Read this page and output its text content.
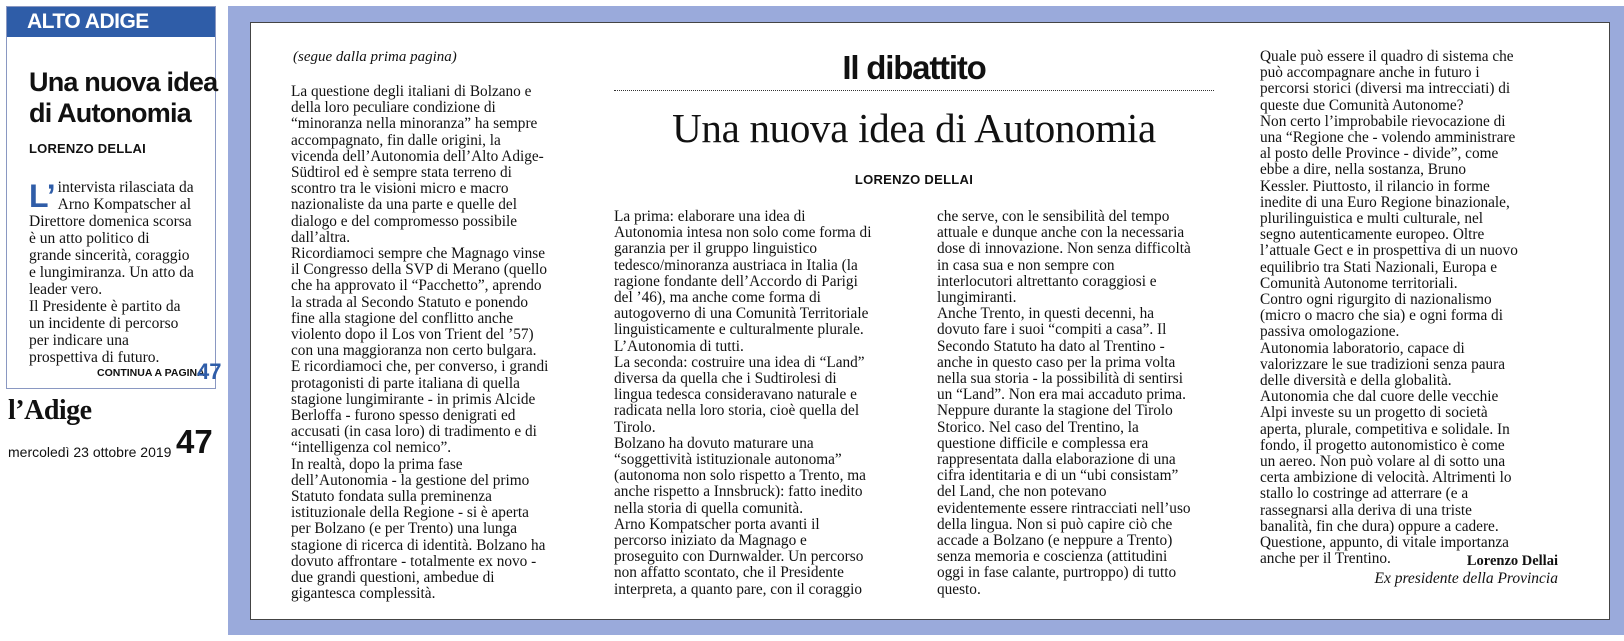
ALTO ADIGE
Una nuova idea
di Autonomia
LORENZO DELLAI
L’ intervista rilasciata da

Arno Kompatscher al

Direttore domenica scorsa

è un atto politico di

grande sincerità, coraggio

e lungimiranza. Un atto da

leader vero.

Il Presidente è partito da

un incidente di percorso

per indicare una

prospettiva di futuro.

CONTINUA A PAGINA
47
l’Adige
mercoledì 23 ottobre 2019 47
(segue dalla prima pagina)	Il dibattito
Una nuova idea di Autonomia
LORENZO DELLAI

La questione degli italiani di Bolzano e

della loro peculiare condizione di

“minoranza nella minoranza” ha sempre

accompagnato, fin dalle origini, la

vicenda dell’Autonomia dell’Alto Adige-

Südtirol ed è sempre stata terreno di

scontro tra le visioni micro e macro

nazionaliste da una parte e quelle del

dialogo e del compromesso possibile

dall’altra.

Ricordiamoci sempre che Magnago vinse

il Congresso della SVP di Merano (quello

che ha approvato il “Pacchetto”, aprendo

la strada al Secondo Statuto e ponendo

fine alla stagione del conflitto anche

violento dopo il Los von Trient del ’57)

con una maggioranza non certo bulgara.

E ricordiamoci che, per converso, i grandi

protagonisti di parte italiana di quella

stagione lungimirante - in primis Alcide

Berloffa - furono spesso denigrati ed

accusati (in casa loro) di tradimento e di

“intelligenza col nemico”.

In realtà, dopo la prima fase

dell’Autonomia - la gestione del primo

Statuto fondata sulla preminenza

istituzionale della Regione - si è aperta

per Bolzano (e per Trento) una lunga

stagione di ricerca di identità. Bolzano ha

dovuto affrontare - totalmente ex novo -

due grandi questioni, ambedue di

gigantesca complessità.

La prima: elaborare una idea di

Autonomia intesa non solo come forma di

garanzia per il gruppo linguistico

tedesco/minoranza austriaca in Italia (la

ragione fondante dell’Accordo di Parigi

del ’46), ma anche come forma di

autogoverno di una Comunità Territoriale

linguisticamente e culturalmente plurale.

L’Autonomia di tutti.

La seconda: costruire una idea di “Land”

diversa da quella che i Sudtirolesi di

lingua tedesca consideravano naturale e

radicata nella loro storia, cioè quella del

Tirolo.

Bolzano ha dovuto maturare una

“soggettività istituzionale autonoma”

(autonoma non solo rispetto a Trento, ma

anche rispetto a Innsbruck): fatto inedito

nella storia di quella comunità.

Arno Kompatscher porta avanti il

percorso iniziato da Magnago e

proseguito con Durnwalder. Un percorso

non affatto scontato, che il Presidente

interpreta, a quanto pare, con il coraggio

che serve, con le sensibilità del tempo

attuale e dunque anche con la necessaria

dose di innovazione. Non senza difficoltà

in casa sua e non sempre con

interlocutori altrettanto coraggiosi e

lungimiranti.

Anche Trento, in questi decenni, ha

dovuto fare i suoi “compiti a casa”. Il

Secondo Statuto ha dato al Trentino -

anche in questo caso per la prima volta

nella sua storia - la possibilità di sentirsi

un “Land”. Non era mai accaduto prima.

Neppure durante la stagione del Tirolo

Storico. Nel caso del Trentino, la

questione difficile e complessa era

rappresentata dalla elaborazione di una

cifra identitaria e di un “ubi consistam”

del Land, che non potevano

evidentemente essere rintracciati nell’uso

della lingua. Non si può capire ciò che

accade a Bolzano (e neppure a Trento)

senza memoria e coscienza (attitudini

oggi in fase calante, purtroppo) di tutto

questo.

Quale può essere il quadro di sistema che

può accompagnare anche in futuro i

percorsi storici (diversi ma intrecciati) di

queste due Comunità Autonome?

Non certo l’improbabile rievocazione di

una “Regione che - volendo amministrare

al posto delle Province - divide”, come

ebbe a dire, nella sostanza, Bruno

Kessler. Piuttosto, il rilancio in forme

inedite di una Euro Regione binazionale,

plurilinguistica e multi culturale, nel

segno autenticamente europeo. Oltre

l’attuale Gect e in prospettiva di un nuovo

equilibrio tra Stati Nazionali, Europa e

Comunità Autonome territoriali.

Contro ogni rigurgito di nazionalismo

(micro o macro che sia) e ogni forma di

passiva omologazione.

Autonomia laboratorio, capace di

valorizzare le sue tradizioni senza paura

delle diversità e della globalità.

Autonomia che dal cuore delle vecchie

Alpi investe su un progetto di società

aperta, plurale, competitiva e solidale. In

fondo, il progetto autonomistico è come

un aereo. Non può volare al di sotto una

certa ambizione di velocità. Altrimenti lo

stallo lo costringe ad atterrare (e a

rassegnarsi alla deriva di una triste

banalità, fin che dura) oppure a cadere.

Questione, appunto, di vitale importanza

anche per il Trentino.	Lorenzo Dellai
Ex presidente della Provincia
